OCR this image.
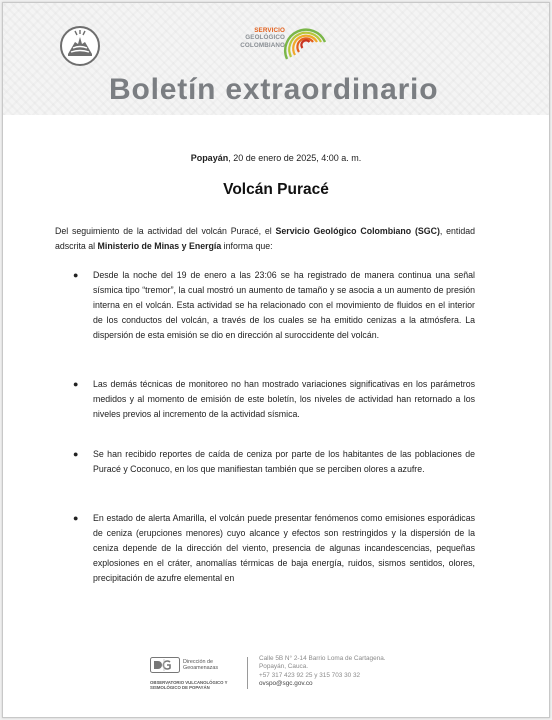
SERVICIO
GEOLÓGICO
COLOMBIANO
Boletín extraordinario
Popayán, 20 de enero de 2025, 4:00 a. m.
Volcán Puracé
Del seguimiento de la actividad del volcán Puracé, el Servicio Geológico Colombiano (SGC), entidad adscrita al Ministerio de Minas y Energía informa que:
● Desde la noche del 19 de enero a las 23:06 se ha registrado de manera continua una señal sísmica tipo “tremor”, la cual mostró un aumento de tamaño y se asocia a un aumento de presión interna en el volcán. Esta actividad se ha relacionado con el movimiento de fluidos en el interior de los conductos del volcán, a través de los cuales se ha emitido cenizas a la atmósfera. La dispersión de esta emisión se dio en dirección al suroccidente del volcán.
● Las demás técnicas de monitoreo no han mostrado variaciones significativas en los parámetros medidos y al momento de emisión de este boletín, los niveles de actividad han retornado a los niveles previos al incremento de la actividad sísmica.
● Se han recibido reportes de caída de ceniza por parte de los habitantes de las poblaciones de Puracé y Coconuco, en los que manifiestan también que se perciben olores a azufre.
● En estado de alerta Amarilla, el volcán puede presentar fenómenos como emisiones esporádicas de ceniza (erupciones menores) cuyo alcance y efectos son restringidos y la dispersión de la ceniza depende de la dirección del viento, presencia de algunas incandescencias, pequeñas explosiones en el cráter, anomalías térmicas de baja energía, ruidos, sismos sentidos, olores, precipitación de azufre elemental en
Dirección de
Geoamenazas
OBSERVATORIO VULCANOLÓGICO Y
SISMOLÓGICO DE POPAYÁN
Calle 5B N° 2-14 Barrio Loma de Cartagena.
Popayán, Cauca.
+57 317 423 92 25 y 315 703 30 32
ovspo@sgc.gov.co
